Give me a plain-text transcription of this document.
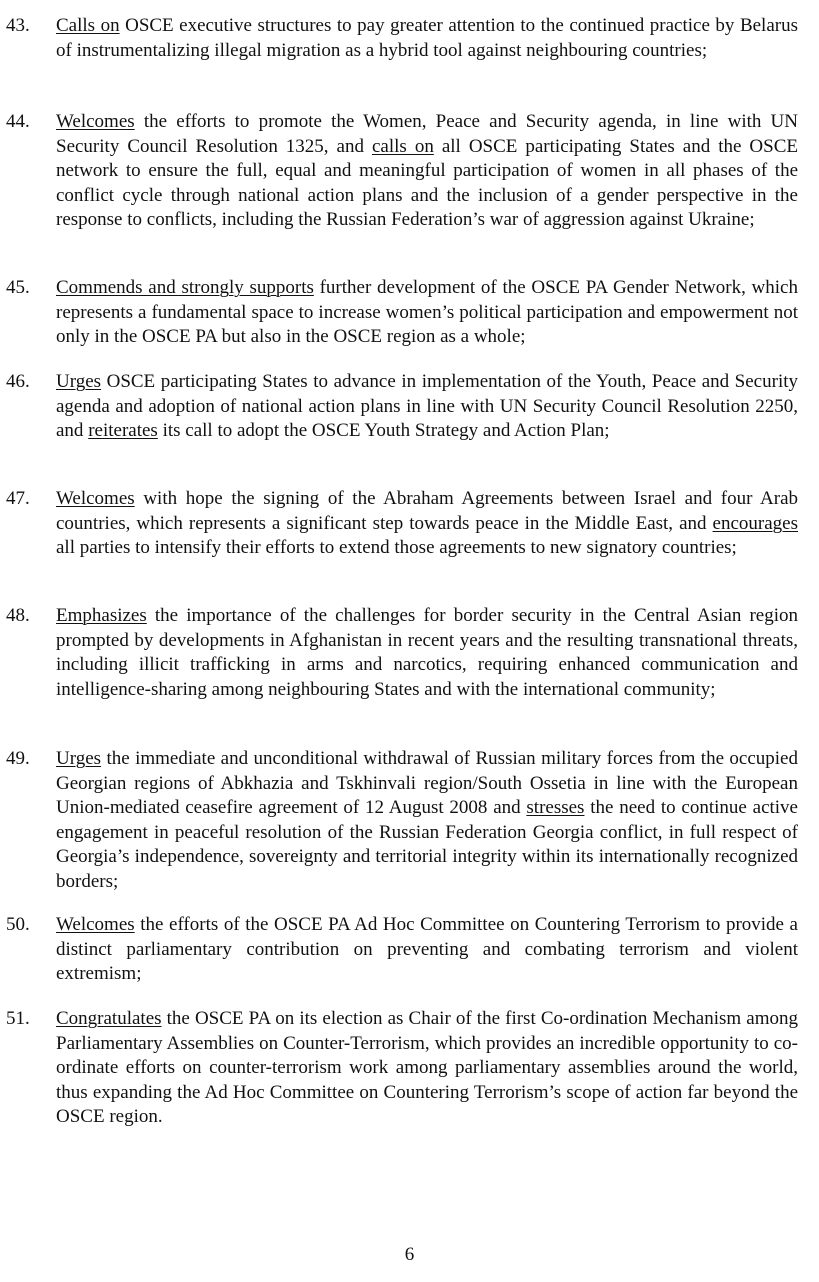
43. Calls on OSCE executive structures to pay greater attention to the continued practice by Belarus of instrumentalizing illegal migration as a hybrid tool against neighbouring countries;
44. Welcomes the efforts to promote the Women, Peace and Security agenda, in line with UN Security Council Resolution 1325, and calls on all OSCE participating States and the OSCE network to ensure the full, equal and meaningful participation of women in all phases of the conflict cycle through national action plans and the inclusion of a gender perspective in the response to conflicts, including the Russian Federation’s war of aggression against Ukraine;
45. Commends and strongly supports further development of the OSCE PA Gender Network, which represents a fundamental space to increase women’s political participation and empowerment not only in the OSCE PA but also in the OSCE region as a whole;
46. Urges OSCE participating States to advance in implementation of the Youth, Peace and Security agenda and adoption of national action plans in line with UN Security Council Resolution 2250, and reiterates its call to adopt the OSCE Youth Strategy and Action Plan;
47. Welcomes with hope the signing of the Abraham Agreements between Israel and four Arab countries, which represents a significant step towards peace in the Middle East, and encourages all parties to intensify their efforts to extend those agreements to new signatory countries;
48. Emphasizes the importance of the challenges for border security in the Central Asian region prompted by developments in Afghanistan in recent years and the resulting transnational threats, including illicit trafficking in arms and narcotics, requiring enhanced communication and intelligence-sharing among neighbouring States and with the international community;
49. Urges the immediate and unconditional withdrawal of Russian military forces from the occupied Georgian regions of Abkhazia and Tskhinvali region/South Ossetia in line with the European Union-mediated ceasefire agreement of 12 August 2008 and stresses the need to continue active engagement in peaceful resolution of the Russian Federation Georgia conflict, in full respect of Georgia’s independence, sovereignty and territorial integrity within its internationally recognized borders;
50. Welcomes the efforts of the OSCE PA Ad Hoc Committee on Countering Terrorism to provide a distinct parliamentary contribution on preventing and combating terrorism and violent extremism;
51. Congratulates the OSCE PA on its election as Chair of the first Co-ordination Mechanism among Parliamentary Assemblies on Counter-Terrorism, which provides an incredible opportunity to co-ordinate efforts on counter-terrorism work among parliamentary assemblies around the world, thus expanding the Ad Hoc Committee on Countering Terrorism’s scope of action far beyond the OSCE region.
6
